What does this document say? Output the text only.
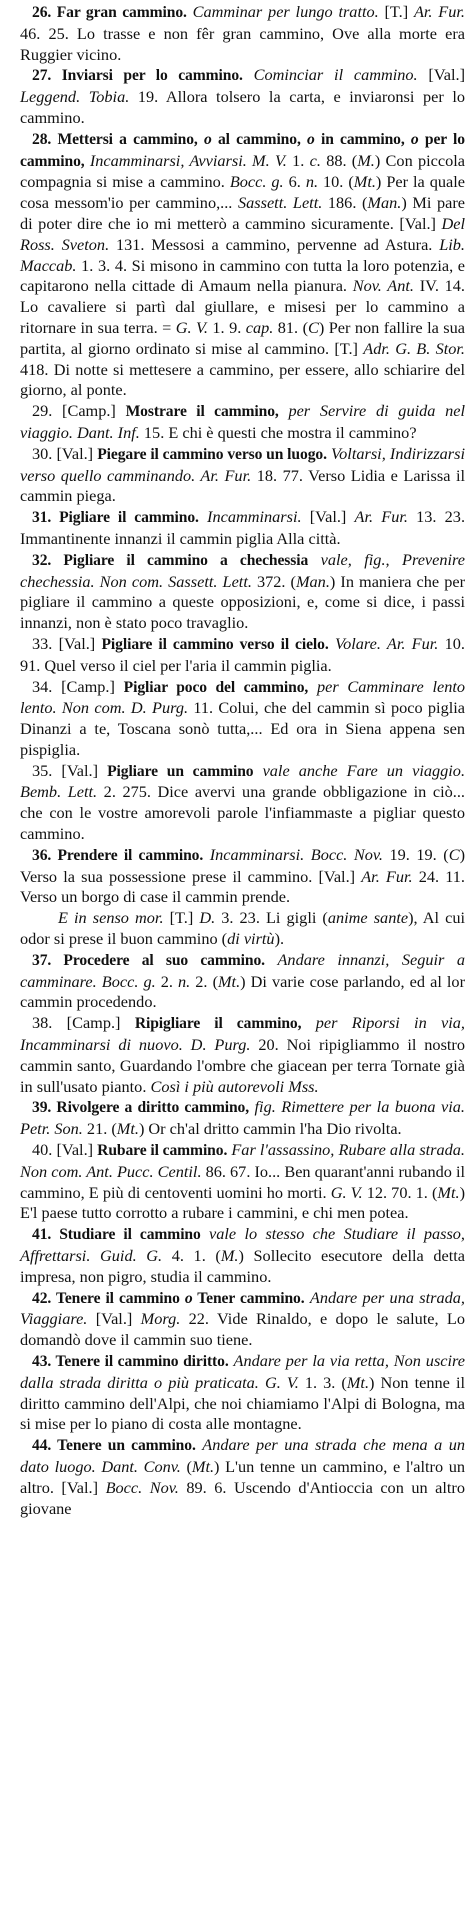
26. Far gran cammino. Camminar per lungo tratto. [T.] Ar. Fur. 46. 25. Lo trasse e non fêr gran cammino, Ove alla morte era Ruggier vicino.

27. Inviarsi per lo cammino. Cominciar il cammino. [Val.] Leggend. Tobia. 19. Allora tolsero la carta, e inviaronsi per lo cammino.

28. Mettersi a cammino, o al cammino, o in cammino, o per lo cammino, Incamminarsi, Avviarsi. M. V. 1. c. 88. (M.) Con piccola compagnia si mise a cammino. Bocc. g. 6. n. 10. (Mt.) Per la quale cosa messom'io per cammino,... Sassett. Lett. 186. (Man.) Mi pare di poter dire che io mi metterò a cammino sicuramente. [Val.] Del Ross. Sveton. 131. Messosi a cammino, pervenne ad Astura. Lib. Maccab. 1. 3. 4. Si misono in cammino con tutta la loro potenzia, e capitarono nella cittade di Amaum nella pianura. Nov. Ant. IV. 14. Lo cavaliere si partì dal giullare, e misesi per lo cammino a ritornare in sua terra. = G. V. 1. 9. cap. 81. (C) Per non fallire la sua partita, al giorno ordinato si mise al cammino. [T.] Adr. G. B. Stor. 418. Di notte si mettesere a cammino, per essere, allo schiarire del giorno, al ponte.

29. [Camp.] Mostrare il cammino, per Servire di guida nel viaggio. Dant. Inf. 15. E chi è questi che mostra il cammino?

30. [Val.] Piegare il cammino verso un luogo. Voltarsi, Indirizzarsi verso quello camminando. Ar. Fur. 18. 77. Verso Lidia e Larissa il cammin piega.

31. Pigliare il cammino. Incamminarsi. [Val.] Ar. Fur. 13. 23. Immantinente innanzi il cammin piglia Alla città.

32. Pigliare il cammino a chechessia vale, fig., Prevenire chechessia. Non com. Sassett. Lett. 372. (Man.) In maniera che per pigliare il cammino a queste opposizioni, e, come si dice, i passi innanzi, non è stato poco travaglio.

33. [Val.] Pigliare il cammino verso il cielo. Volare. Ar. Fur. 10. 91. Quel verso il ciel per l'aria il cammin piglia.

34. [Camp.] Pigliar poco del cammino, per Camminare lento lento. Non com. D. Purg. 11. Colui, che del cammin sì poco piglia Dinanzi a te, Toscana sonò tutta,... Ed ora in Siena appena sen pispiglia.

35. [Val.] Pigliare un cammino vale anche Fare un viaggio. Bemb. Lett. 2. 275. Dice avervi una grande obbligazione in ciò... che con le vostre amorevoli parole l'infiammaste a pigliar questo cammino.

36. Prendere il cammino. Incamminarsi. Bocc. Nov. 19. 19. (C) Verso la sua possessione prese il cammino. [Val.] Ar. Fur. 24. 11. Verso un borgo di case il cammin prende.

E in senso mor. [T.] D. 3. 23. Li gigli (anime sante), Al cui odor si prese il buon cammino (di virtù).

37. Procedere al suo cammino. Andare innanzi, Seguir a camminare. Bocc. g. 2. n. 2. (Mt.) Di varie cose parlando, ed al lor cammin procedendo.

38. [Camp.] Ripigliare il cammino, per Riporsi in via, Incamminarsi di nuovo. D. Purg. 20. Noi ripigliammo il nostro cammin santo, Guardando l'ombre che giacean per terra Tornate già in sull'usato pianto. Così i più autorevoli Mss.

39. Rivolgere a diritto cammino, fig. Rimettere per la buona via. Petr. Son. 21. (Mt.) Or ch'al dritto cammin l'ha Dio rivolta.

40. [Val.] Rubare il cammino. Far l'assassino, Rubare alla strada. Non com. Ant. Pucc. Centil. 86. 67. Io... Ben quarant'anni rubando il cammino, E più di centoventi uomini ho morti. G. V. 12. 70. 1. (Mt.) E'l paese tutto corrotto a rubare i cammini, e chi men potea.

41. Studiare il cammino vale lo stesso che Studiare il passo, Affrettarsi. Guid. G. 4. 1. (M.) Sollecito esecutore della detta impresa, non pigro, studia il cammino.

42. Tenere il cammino o Tener cammino. Andare per una strada, Viaggiare. [Val.] Morg. 22. Vide Rinaldo, e dopo le salute, Lo domandò dove il cammin suo tiene.

43. Tenere il cammino diritto. Andare per la via retta, Non uscire dalla strada diritta o più praticata. G. V. 1. 3. (Mt.) Non tenne il diritto cammino dell'Alpi, che noi chiamiamo l'Alpi di Bologna, ma si mise per lo piano di costa alle montagne.

44. Tenere un cammino. Andare per una strada che mena a un dato luogo. Dant. Conv. (Mt.) L'un tenne un cammino, e l'altro un altro. [Val.] Bocc. Nov. 89. 6. Uscendo d'Antioccia con un altro giovane
